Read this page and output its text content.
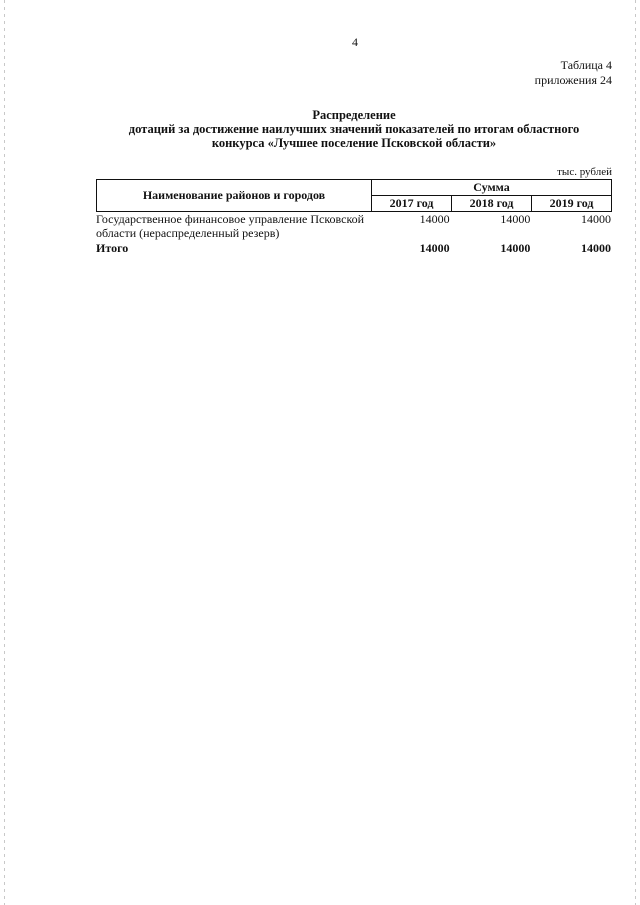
4
Таблица 4
приложения 24
Распределение
дотаций за достижение наилучших значений показателей по итогам областного
конкурса «Лучшее поселение Псковской области»
тыс. рублей
Наименование районов и городов	Сумма		
	2017 год	2018 год	2019 год
Государственное финансовое управление Псковской области (нераспределенный резерв)	14000	14000	14000
Итого	14000	14000	14000
